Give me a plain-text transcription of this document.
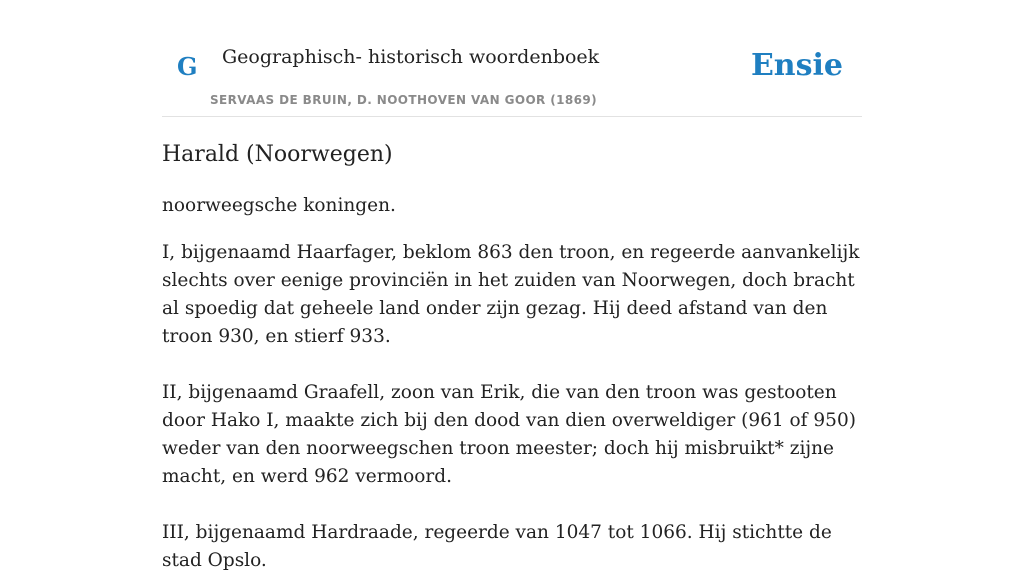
G Geographisch- historisch woordenboek
SERVAAS DE BRUIN, D. NOOTHOVEN VAN GOOR (1869)
Ensie
Harald (Noorwegen)

noorweegsche koningen.

I, bijgenaamd Haarfager, beklom 863 den troon, en regeerde aanvankelijk slechts over eenige provinciën in het zuiden van Noorwegen, doch bracht al spoedig dat geheele land onder zijn gezag. Hij deed afstand van den troon 930, en stierf 933.

II, bijgenaamd Graafell, zoon van Erik, die van den troon was gestooten door Hako I, maakte zich bij den dood van dien overweldiger (961 of 950) weder van den noorweegschen troon meester; doch hij misbruikt* zijne macht, en werd 962 vermoord.

III, bijgenaamd Hardraade, regeerde van 1047 tot 1066. Hij stichtte de stad Opslo.
